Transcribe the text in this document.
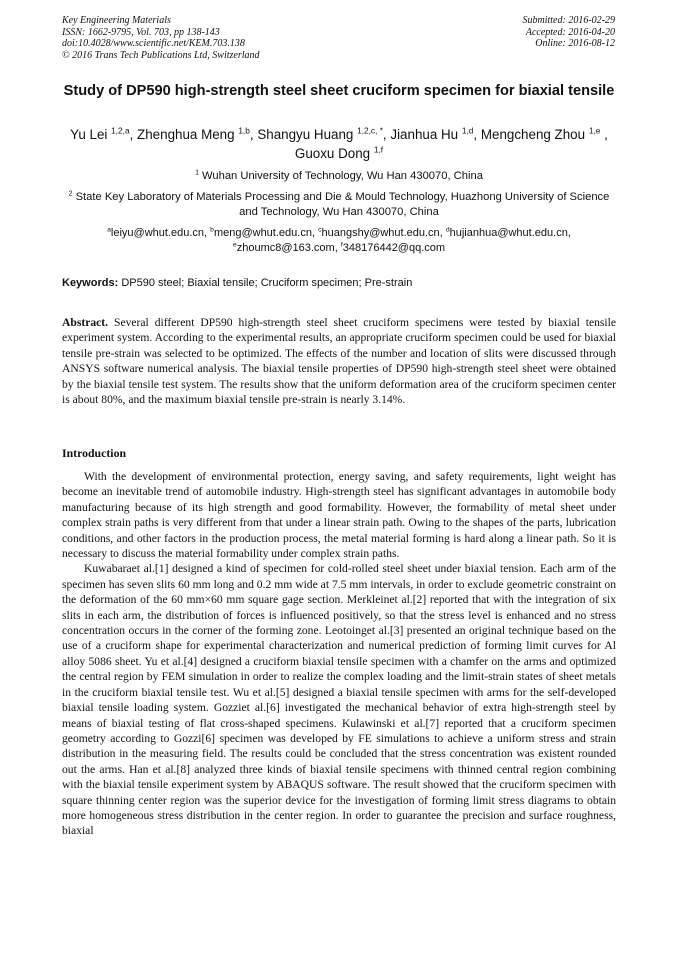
Key Engineering Materials
ISSN: 1662-9795, Vol. 703, pp 138-143
doi:10.4028/www.scientific.net/KEM.703.138
© 2016 Trans Tech Publications Ltd, Switzerland
Submitted: 2016-02-29
Accepted: 2016-04-20
Online: 2016-08-12
Study of DP590 high-strength steel sheet cruciform specimen for biaxial tensile
Yu Lei $^{1,2,a}$, Zhenghua Meng $^{1,b}$, Shangyu Huang $^{1,2,c, *}$, Jianhua Hu $^{1,d}$, Mengcheng Zhou $^{1,e}$ , Guoxu Dong $^{1,f}$
$^1$ Wuhan University of Technology, Wu Han 430070, China
$^2$ State Key Laboratory of Materials Processing and Die & Mould Technology, Huazhong University of Science and Technology, Wu Han 430070, China
$^a$leiyu@whut.edu.cn, $^b$meng@whut.edu.cn, $^c$huangshy@whut.edu.cn, $^d$hujianhua@whut.edu.cn,
$^e$zhoumc8@163.com, $^f$348176442@qq.com
Keywords: DP590 steel; Biaxial tensile; Cruciform specimen; Pre-strain
Abstract. Several different DP590 high-strength steel sheet cruciform specimens were tested by biaxial tensile experiment system. According to the experimental results, an appropriate cruciform specimen could be used for biaxial tensile pre-strain was selected to be optimized. The effects of the number and location of slits were discussed through ANSYS software numerical analysis. The biaxial tensile properties of DP590 high-strength steel sheet were obtained by the biaxial tensile test system. The results show that the uniform deformation area of the cruciform specimen center is about 80%, and the maximum biaxial tensile pre-strain is nearly 3.14%.
Introduction

With the development of environmental protection, energy saving, and safety requirements, light weight has become an inevitable trend of automobile industry. High-strength steel has significant advantages in automobile body manufacturing because of its high strength and good formability. However, the formability of metal sheet under complex strain paths is very different from that under a linear strain path. Owing to the shapes of the parts, lubrication conditions, and other factors in the production process, the metal material forming is hard along a linear path. So it is necessary to discuss the material formability under complex strain paths.

Kuwabaraet al.[1] designed a kind of specimen for cold-rolled steel sheet under biaxial tension. Each arm of the specimen has seven slits 60 mm long and 0.2 mm wide at 7.5 mm intervals, in order to exclude geometric constraint on the deformation of the 60 mm×60 mm square gage section. Merkleinet al.[2] reported that with the integration of six slits in each arm, the distribution of forces is influenced positively, so that the stress level is enhanced and no stress concentration occurs in the corner of the forming zone. Leotoinget al.[3] presented an original technique based on the use of a cruciform shape for experimental characterization and numerical prediction of forming limit curves for Al alloy 5086 sheet. Yu et al.[4] designed a cruciform biaxial tensile specimen with a chamfer on the arms and optimized the central region by FEM simulation in order to realize the complex loading and the limit-strain states of sheet metals in the cruciform biaxial tensile test. Wu et al.[5] designed a biaxial tensile specimen with arms for the self-developed biaxial tensile loading system. Gozziet al.[6] investigated the mechanical behavior of extra high-strength steel by means of biaxial testing of flat cross-shaped specimens. Kulawinski et al.[7] reported that a cruciform specimen geometry according to Gozzi[6] specimen was developed by FE simulations to achieve a uniform stress and strain distribution in the measuring field. The results could be concluded that the stress concentration was existent rounded out the arms. Han et al.[8] analyzed three kinds of biaxial tensile specimens with thinned central region combining with the biaxial tensile experiment system by ABAQUS software. The result showed that the cruciform specimen with square thinning center region was the superior device for the investigation of forming limit stress diagrams to obtain more homogeneous stress distribution in the center region. In order to guarantee the precision and surface roughness, biaxial
